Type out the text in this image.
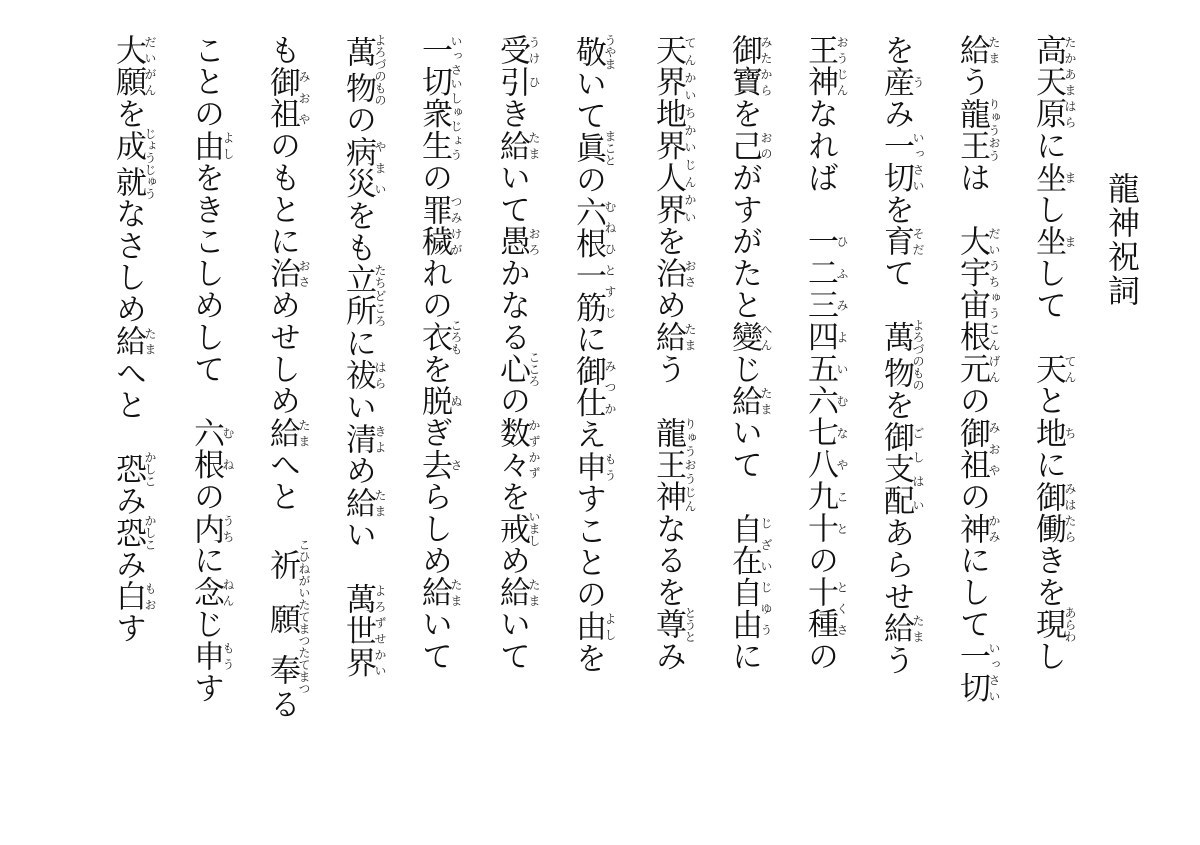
龍神祝詞
高天原たかあまはらに坐まし坐まして　天てんと地ちに御働みはたらきを現あらわし
給たまう龍王りゅうおうは　大宇宙根元だいうちゅうこんげんの御祖みおやの神かみにして一切いっさい
を産うみ一切いっさいを育そだて　萬物よろづのものを御支配ごしはいあらせ給たまう
王神おうじんなれば　一二三四五六七八九十ひふみよいむなやことの十種とくさの
御寶みたからを己おのがすがたと變へんじ給たまいて　自在自由じざいじゆうに
天界地界人界てんかいちかいじんかいを治おさめ給たまう　龍王神りゅうおうじんなるを尊とうとみ
敬うやまいて眞まことの六根一筋むねひとすじに御仕みつかえ申もうすことの由よしを
受うけ引ひき給たまいて愚おろかなる心こころの数々かずかずを戒いましめ給たまいて
一切衆生いっさいしゅじょうの罪穢つみけがれの衣ころもを脱ぬぎ去さらしめ給たまいて
萬物よろづのものの病災やまいをも立所たちどころに祓はらい清きよめ給たまい　萬世界よろずせかい
も御祖みおやのもとに治おさめせしめ給たまへと　祈願こひねがいたてまつ奉たてまつる
ことの由よしをきこしめして　六根むねの内うちに念ねんじ申もうす
大願だいがんを成就じょうじゅうなさしめ給たまへと　恐かしこみ恐かしこみ白もおす
